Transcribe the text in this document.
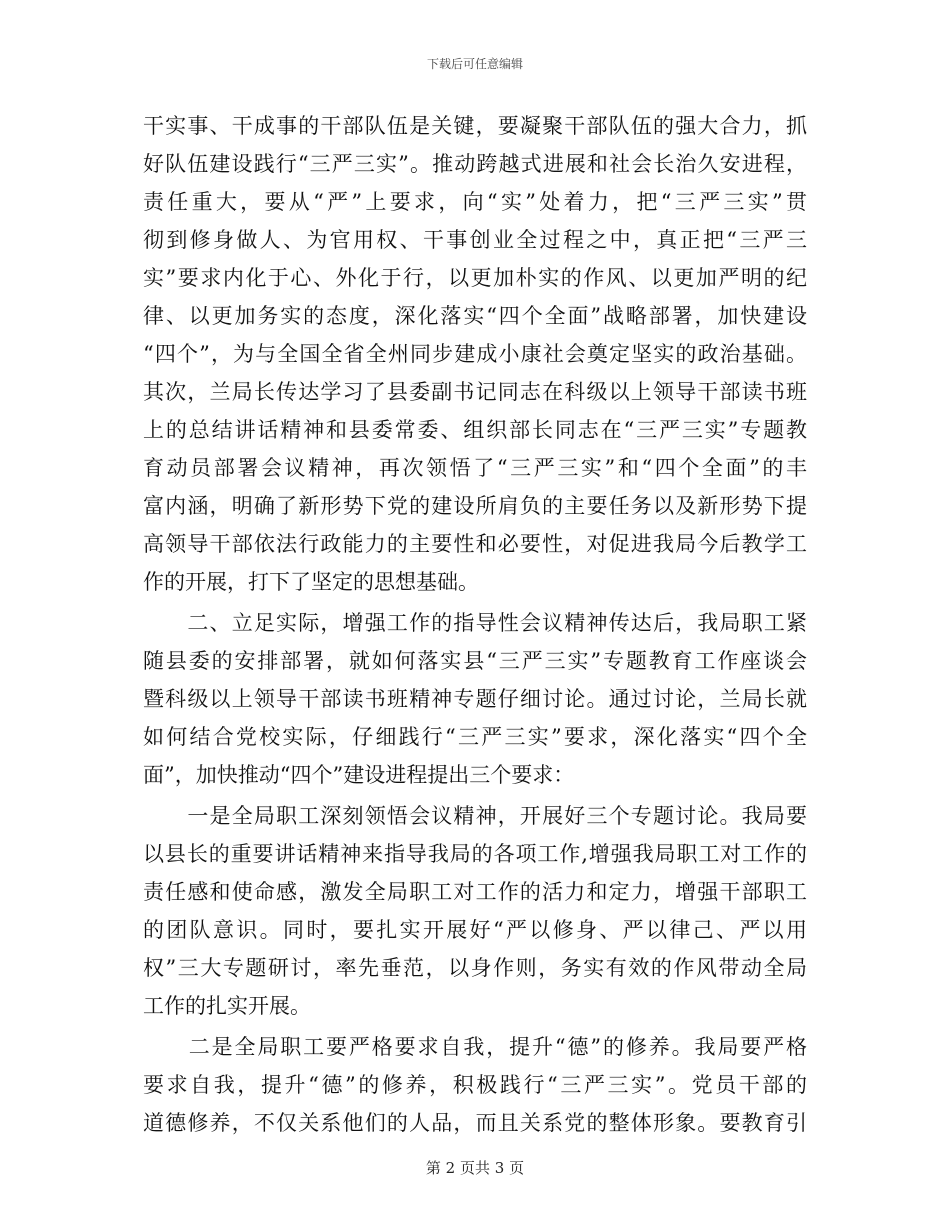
下载后可任意编辑
干实事、干成事的干部队伍是关键，要凝聚干部队伍的强大合力，抓
好队伍建设践行“三严三实”。推动跨越式进展和社会长治久安进程，
责任重大，要从“严”上要求，向“实”处着力，把“三严三实”贯
彻到修身做人、为官用权、干事创业全过程之中，真正把“三严三
实”要求内化于心、外化于行，以更加朴实的作风、以更加严明的纪
律、以更加务实的态度，深化落实“四个全面”战略部署，加快建设
“四个”，为与全国全省全州同步建成小康社会奠定坚实的政治基础。
其次，兰局长传达学习了县委副书记同志在科级以上领导干部读书班
上的总结讲话精神和县委常委、组织部长同志在“三严三实”专题教
育动员部署会议精神，再次领悟了“三严三实”和“四个全面”的丰
富内涵，明确了新形势下党的建设所肩负的主要任务以及新形势下提
高领导干部依法行政能力的主要性和必要性，对促进我局今后教学工
作的开展，打下了坚定的思想基础。
　　二、立足实际，增强工作的指导性会议精神传达后，我局职工紧
随县委的安排部署，就如何落实县“三严三实”专题教育工作座谈会
暨科级以上领导干部读书班精神专题仔细讨论。通过讨论，兰局长就
如何结合党校实际，仔细践行“三严三实”要求，深化落实“四个全
面”，加快推动“四个”建设进程提出三个要求：
　　一是全局职工深刻领悟会议精神，开展好三个专题讨论。我局要
以县长的重要讲话精神来指导我局的各项工作,增强我局职工对工作的
责任感和使命感，激发全局职工对工作的活力和定力，增强干部职工
的团队意识。同时，要扎实开展好“严以修身、严以律己、严以用
权”三大专题研讨，率先垂范，以身作则，务实有效的作风带动全局
工作的扎实开展。
　　二是全局职工要严格要求自我，提升“德”的修养。我局要严格
要求自我，提升“德”的修养，积极践行“三严三实”。党员干部的
道德修养，不仅关系他们的人品，而且关系党的整体形象。要教育引
第 2 页共 3 页
